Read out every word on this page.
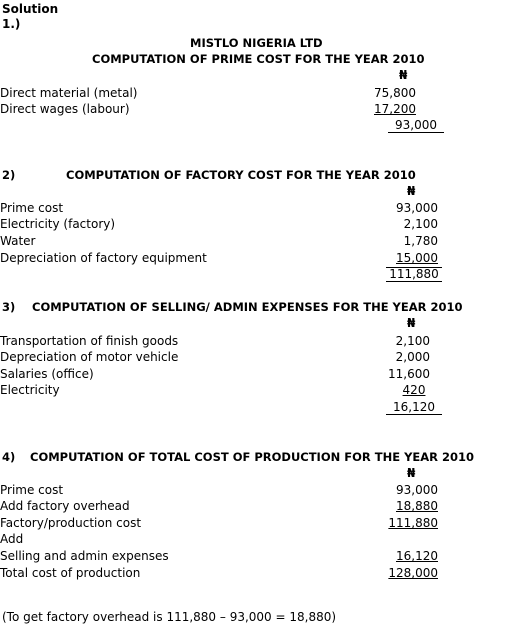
Solution
1.)
MISTLO NIGERIA LTD
COMPUTATION OF PRIME COST FOR THE YEAR 2010
₦
Direct material (metal)	75,800
Direct wages (labour)	17,200
93,000
2)	COMPUTATION OF FACTORY COST FOR THE YEAR 2010
₦
Prime cost	93,000
Electricity (factory)	2,100
Water	1,780
Depreciation of factory equipment	15,000
111,880
3) COMPUTATION OF SELLING/ ADMIN EXPENSES FOR THE YEAR 2010
₦
Transportation of finish goods	2,100
Depreciation of motor vehicle	2,000
Salaries (office)	11,600
Electricity	420
16,120
4) COMPUTATION OF TOTAL COST OF PRODUCTION FOR THE YEAR 2010
₦
Prime cost	93,000
Add factory overhead	18,880
Factory/production cost	111,880
Add
Selling and admin expenses	16,120
Total cost of production	128,000
(To get factory overhead is 111,880 – 93,000 = 18,880)
